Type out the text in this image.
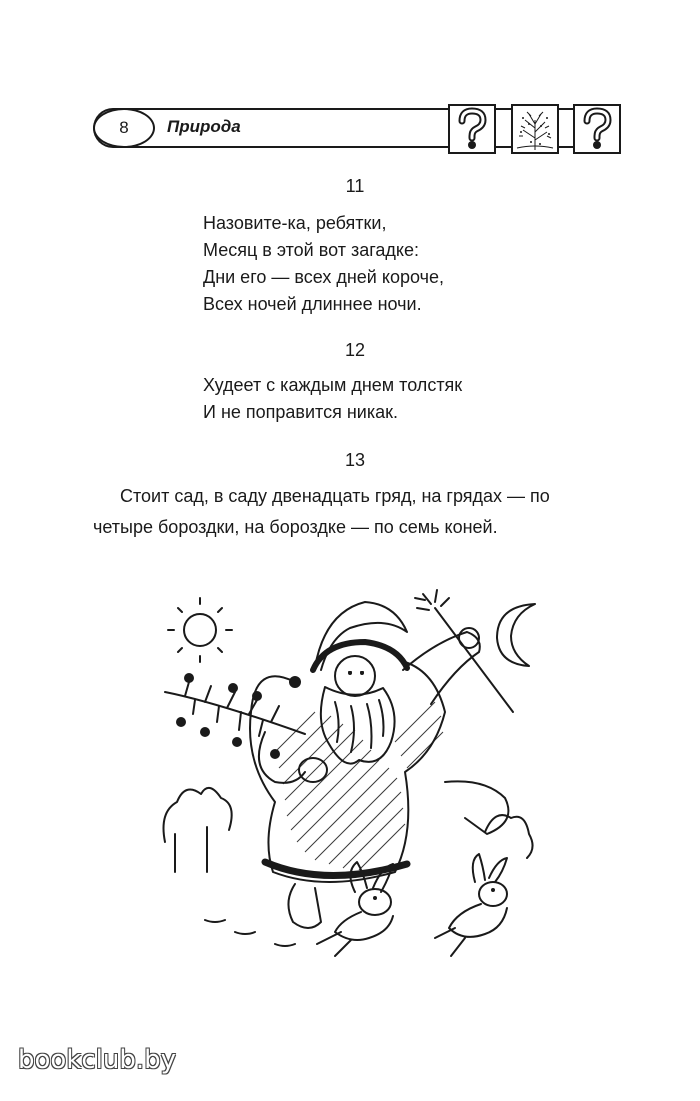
8	Природа
11
Назовите-ка, ребятки,
Месяц в этой вот загадке:
Дни его — всех дней короче,
Всех ночей длиннее ночи.
12
Худеет с каждым днем толстяк
И не поправится никак.
13
Стоит сад, в саду двенадцать гряд, на грядах — по четыре бороздки, на бороздке — по семь коней.
bookclub.by
